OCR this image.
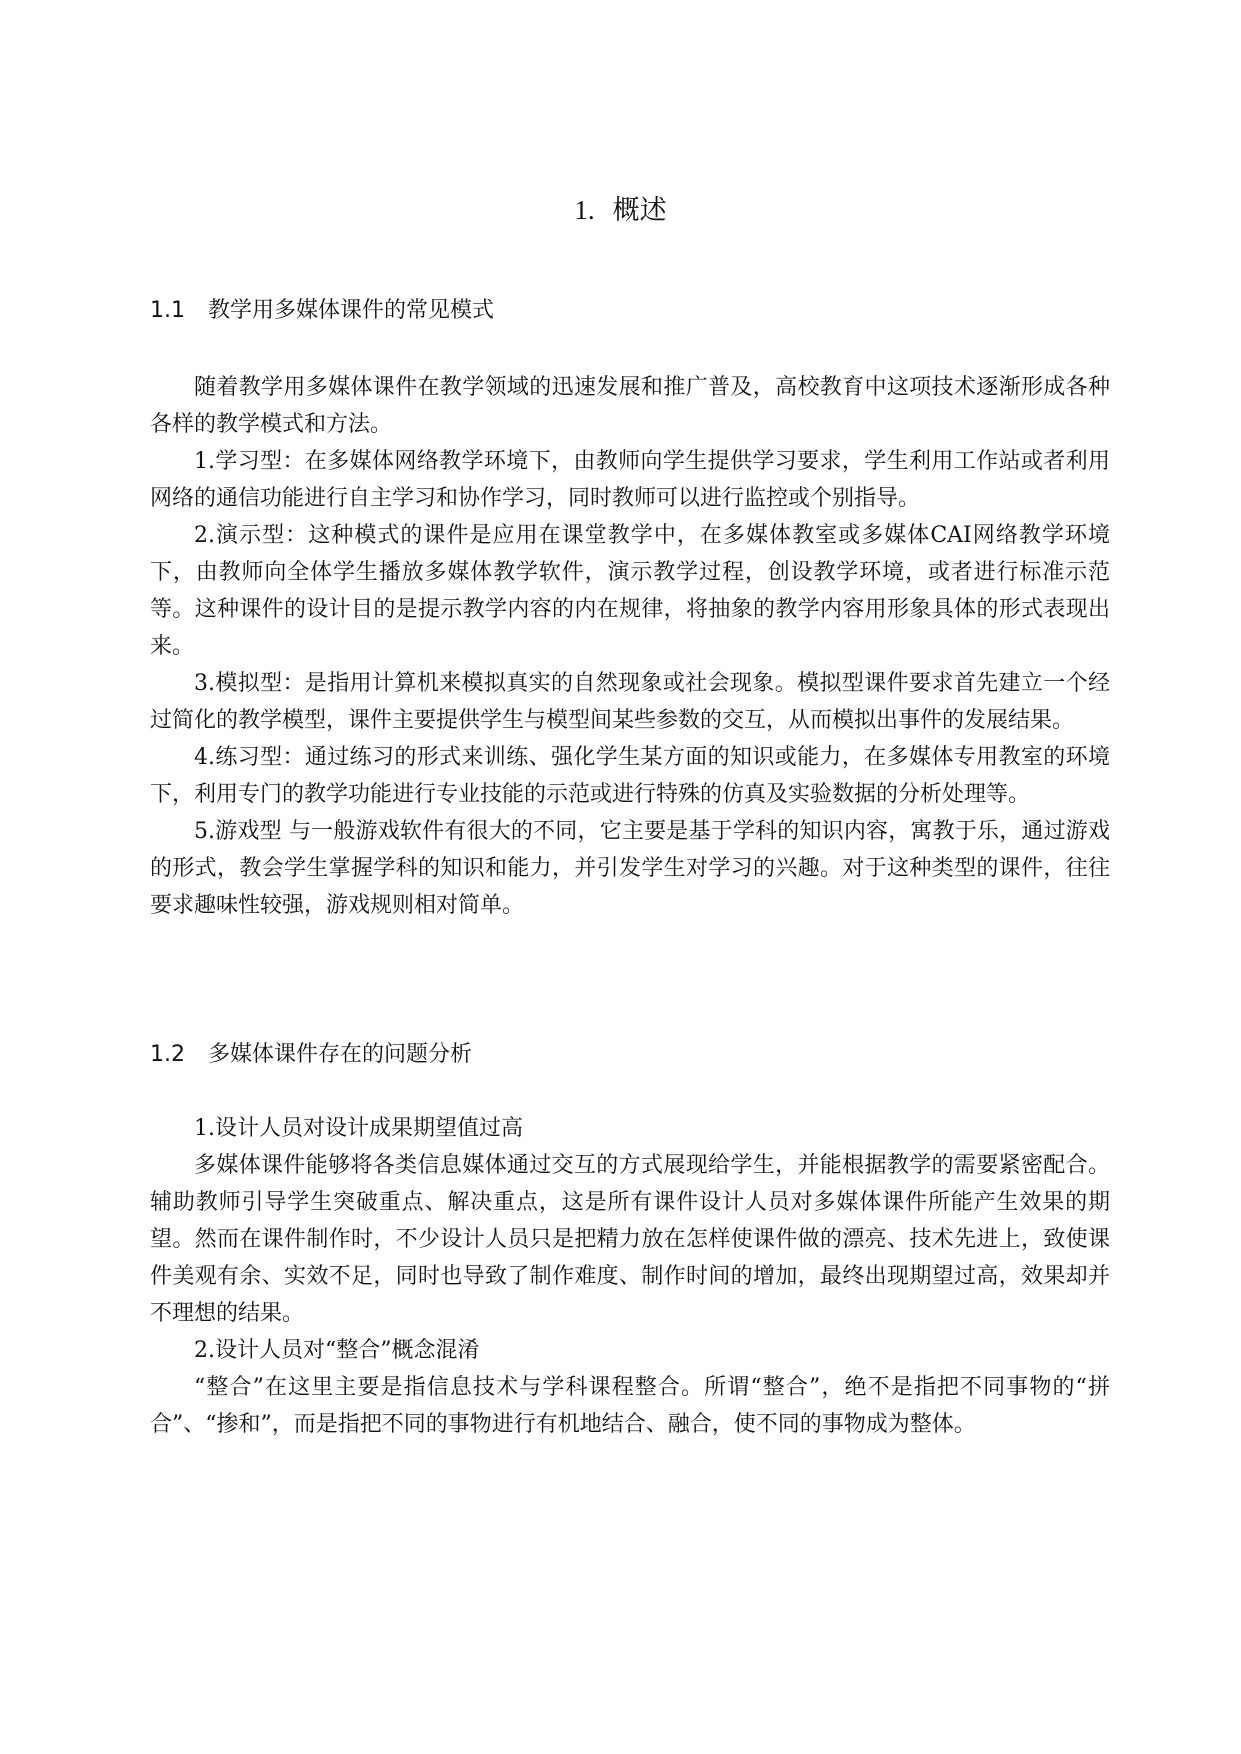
1. 概述
1.1 教学用多媒体课件的常见模式

随着教学用多媒体课件在教学领域的迅速发展和推广普及，高校教育中这项技术逐渐形成各种各样的教学模式和方法。

1.学习型：在多媒体网络教学环境下，由教师向学生提供学习要求，学生利用工作站或者利用网络的通信功能进行自主学习和协作学习，同时教师可以进行监控或个别指导。

2.演示型：这种模式的课件是应用在课堂教学中，在多媒体教室或多媒体CAI网络教学环境下，由教师向全体学生播放多媒体教学软件，演示教学过程，创设教学环境，或者进行标准示范等。这种课件的设计目的是提示教学内容的内在规律，将抽象的教学内容用形象具体的形式表现出来。

3.模拟型：是指用计算机来模拟真实的自然现象或社会现象。模拟型课件要求首先建立一个经过简化的教学模型，课件主要提供学生与模型间某些参数的交互，从而模拟出事件的发展结果。

4.练习型：通过练习的形式来训练、强化学生某方面的知识或能力，在多媒体专用教室的环境下，利用专门的教学功能进行专业技能的示范或进行特殊的仿真及实验数据的分析处理等。

5.游戏型 与一般游戏软件有很大的不同，它主要是基于学科的知识内容，寓教于乐，通过游戏的形式，教会学生掌握学科的知识和能力，并引发学生对学习的兴趣。对于这种类型的课件，往往要求趣味性较强，游戏规则相对简单。

1.2 多媒体课件存在的问题分析

1.设计人员对设计成果期望值过高

多媒体课件能够将各类信息媒体通过交互的方式展现给学生，并能根据教学的需要紧密配合。辅助教师引导学生突破重点、解决重点，这是所有课件设计人员对多媒体课件所能产生效果的期望。然而在课件制作时，不少设计人员只是把精力放在怎样使课件做的漂亮、技术先进上，致使课件美观有余、实效不足，同时也导致了制作难度、制作时间的增加，最终出现期望过高，效果却并不理想的结果。

2.设计人员对“整合”概念混淆

“整合”在这里主要是指信息技术与学科课程整合。所谓“整合”，绝不是指把不同事物的“拼合”、“掺和”，而是指把不同的事物进行有机地结合、融合，使不同的事物成为整体。
